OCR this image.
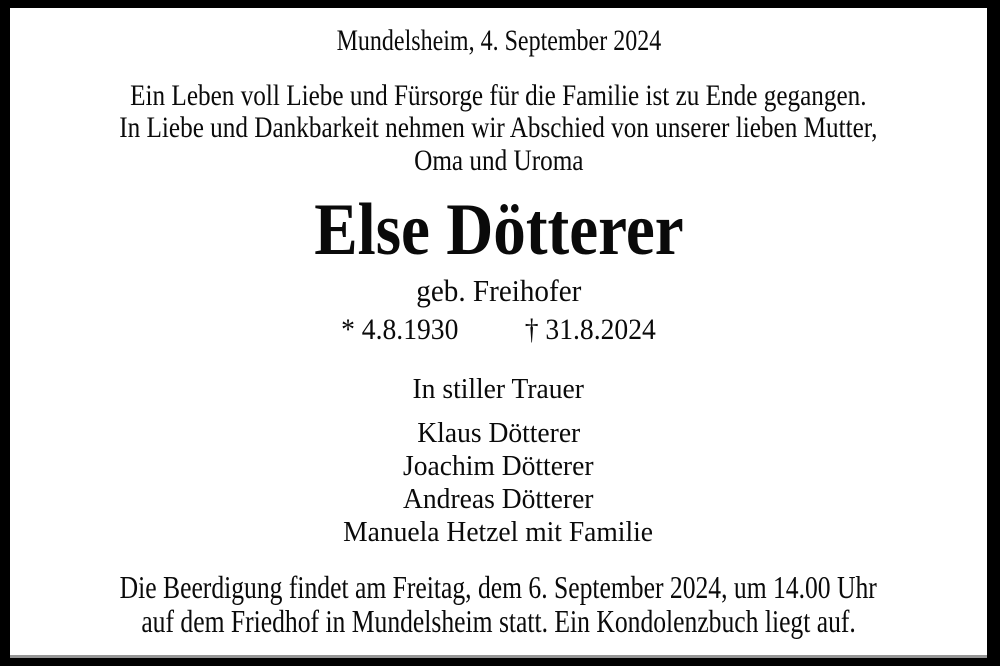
Mundelsheim, 4. September 2024
Ein Leben voll Liebe und Fürsorge für die Familie ist zu Ende gegangen.
In Liebe und Dankbarkeit nehmen wir Abschied von unserer lieben Mutter,
Oma und Uroma
Else Dötterer
geb. Freihofer
* 4.8.1930 † 31.8.2024
In stiller Trauer
Klaus Dötterer
Joachim Dötterer
Andreas Dötterer
Manuela Hetzel mit Familie
Die Beerdigung findet am Freitag, dem 6. September 2024, um 14.00 Uhr
auf dem Friedhof in Mundelsheim statt. Ein Kondolenzbuch liegt auf.
